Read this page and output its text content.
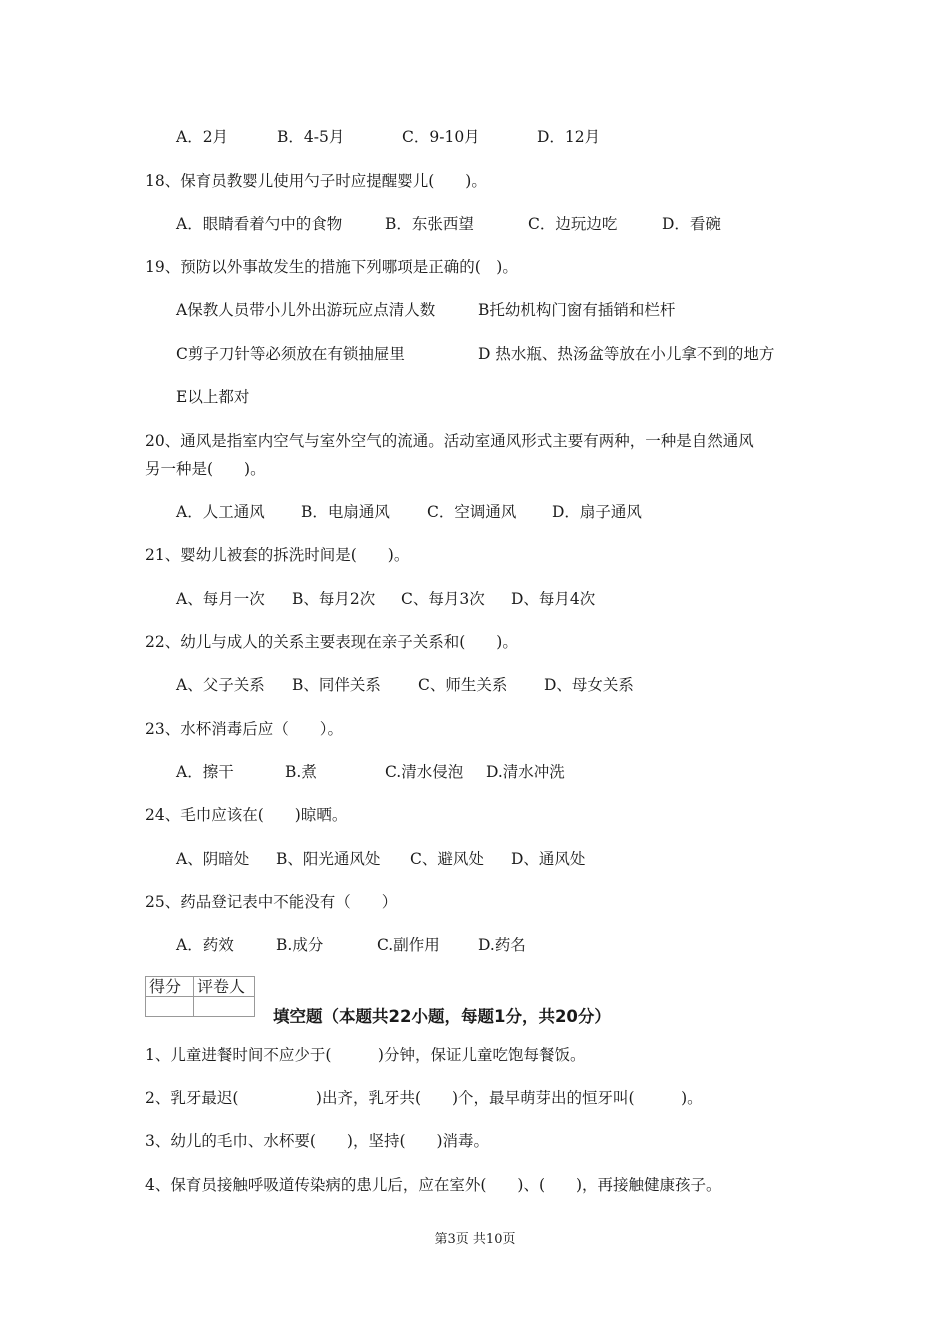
A．2月	B．4-5月	C．9-10月	D．12月
18、保育员教婴儿使用勺子时应提醒婴儿(　　)。
A．眼睛看着勺中的食物	B．东张西望	C．边玩边吃	D．看碗
19、预防以外事故发生的措施下列哪项是正确的(　)。
A保教人员带小儿外出游玩应点清人数	B托幼机构门窗有插销和栏杆
C剪子刀针等必须放在有锁抽屉里	D 热水瓶、热汤盆等放在小儿拿不到的地方
E以上都对
20、通风是指室内空气与室外空气的流通。活动室通风形式主要有两种，一种是自然通风
另一种是(　　)。
A．人工通风 B．电扇通风 C．空调通风 D．扇子通风
21、婴幼儿被套的拆洗时间是(　　)。
A、每月一次 B、每月2次 C、每月3次 D、每月4次
22、幼儿与成人的关系主要表现在亲子关系和(　　)。
A、父子关系 B、同伴关系 C、师生关系 D、母女关系
23、水杯消毒后应（　　）。
A．擦干	B.煮	C.清水侵泡 D.清水冲洗
24、毛巾应该在(　　)晾晒。
A、阴暗处 B、阳光通风处 C、避风处 D、通风处
25、药品登记表中不能没有（　　）
A．药效	B.成分	C.副作用 D.药名
得分	评卷人

填空题（本题共22小题，每题1分，共20分）
1、儿童进餐时间不应少于(　　　)分钟，保证儿童吃饱每餐饭。
2、乳牙最迟(　　　　　)出齐，乳牙共(　　)个，最早萌芽出的恒牙叫(　　　)。
3、幼儿的毛巾、水杯要(　　)，坚持(　　)消毒。
4、保育员接触呼吸道传染病的患儿后，应在室外(　　)、(　　)，再接触健康孩子。
第3页 共10页
